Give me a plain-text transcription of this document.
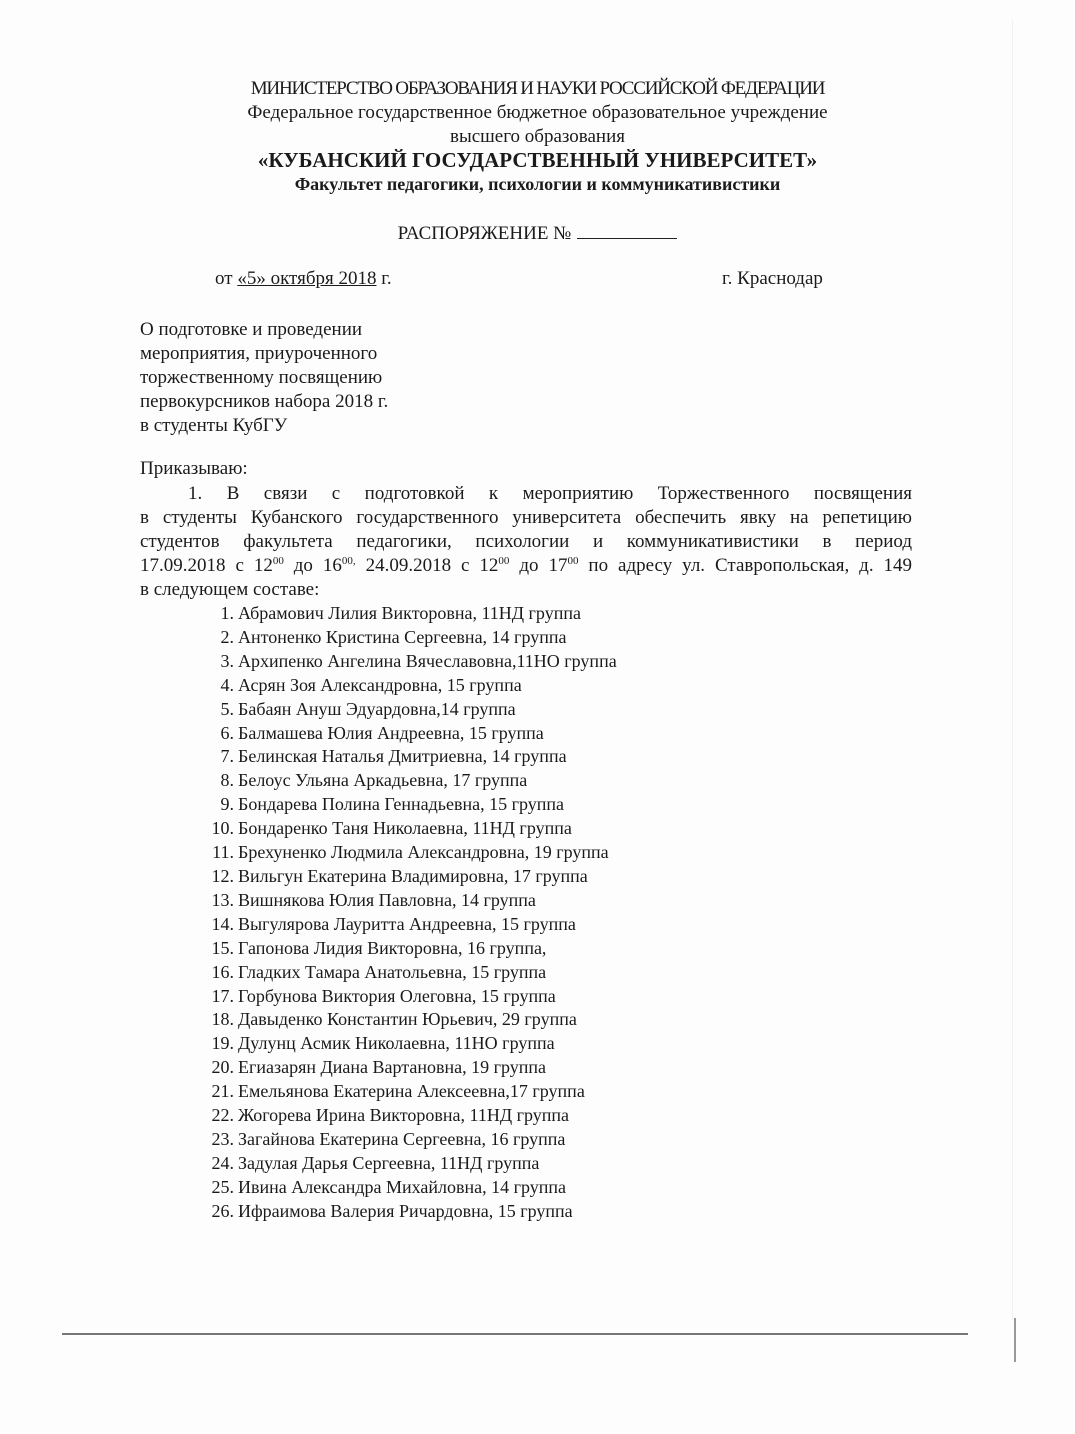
МИНИСТЕРСТВО ОБРАЗОВАНИЯ И НАУКИ РОССИЙСКОЙ ФЕДЕРАЦИИ
Федеральное государственное бюджетное образовательное учреждение
высшего образования
«КУБАНСКИЙ ГОСУДАРСТВЕННЫЙ УНИВЕРСИТЕТ»
Факультет педагогики, психологии и коммуникативистики
РАСПОРЯЖЕНИЕ №
от «5» октября 2018 г.	г. Краснодар
О подготовке и проведении
мероприятия, приуроченного
торжественному посвящению
первокурсников набора 2018 г.
в студенты КубГУ
Приказываю:
1. В связи с подготовкой к мероприятию Торжественного посвящения
в студенты Кубанского государственного университета обеспечить явку на репетицию
студентов факультета педагогики, психологии и коммуникативистики в период
17.09.2018 с $12^{00}$ до $16^{00,}$ 24.09.2018 с $12^{00}$ до $17^{00}$ по адресу ул. Ставропольская, д. 149
в следующем составе:
1. Абрамович Лилия Викторовна, 11НД группа
2. Антоненко Кристина Сергеевна, 14 группа
3. Архипенко Ангелина Вячеславовна,11НО группа
4. Асрян Зоя Александровна, 15 группа
5. Бабаян Ануш Эдуардовна,14 группа
6. Балмашева Юлия Андреевна, 15 группа
7. Белинская Наталья Дмитриевна, 14 группа
8. Белоус Ульяна Аркадьевна, 17 группа
9. Бондарева Полина Геннадьевна, 15 группа
10. Бондаренко Таня Николаевна, 11НД группа
11. Брехуненко Людмила Александровна, 19 группа
12. Вильгун Екатерина Владимировна, 17 группа
13. Вишнякова Юлия Павловна, 14 группа
14. Выгулярова Лауритта Андреевна, 15 группа
15. Гапонова Лидия Викторовна, 16 группа,
16. Гладких Тамара Анатольевна, 15 группа
17. Горбунова Виктория Олеговна, 15 группа
18. Давыденко Константин Юрьевич, 29 группа
19. Дулунц Асмик Николаевна, 11НО группа
20. Егиазарян Диана Вартановна, 19 группа
21. Емельянова Екатерина Алексеевна,17 группа
22. Жогорева Ирина Викторовна, 11НД группа
23. Загайнова Екатерина Сергеевна, 16 группа
24. Задулая Дарья Сергеевна, 11НД группа
25. Ивина Александра Михайловна, 14 группа
26. Ифраимова Валерия Ричардовна, 15 группа
